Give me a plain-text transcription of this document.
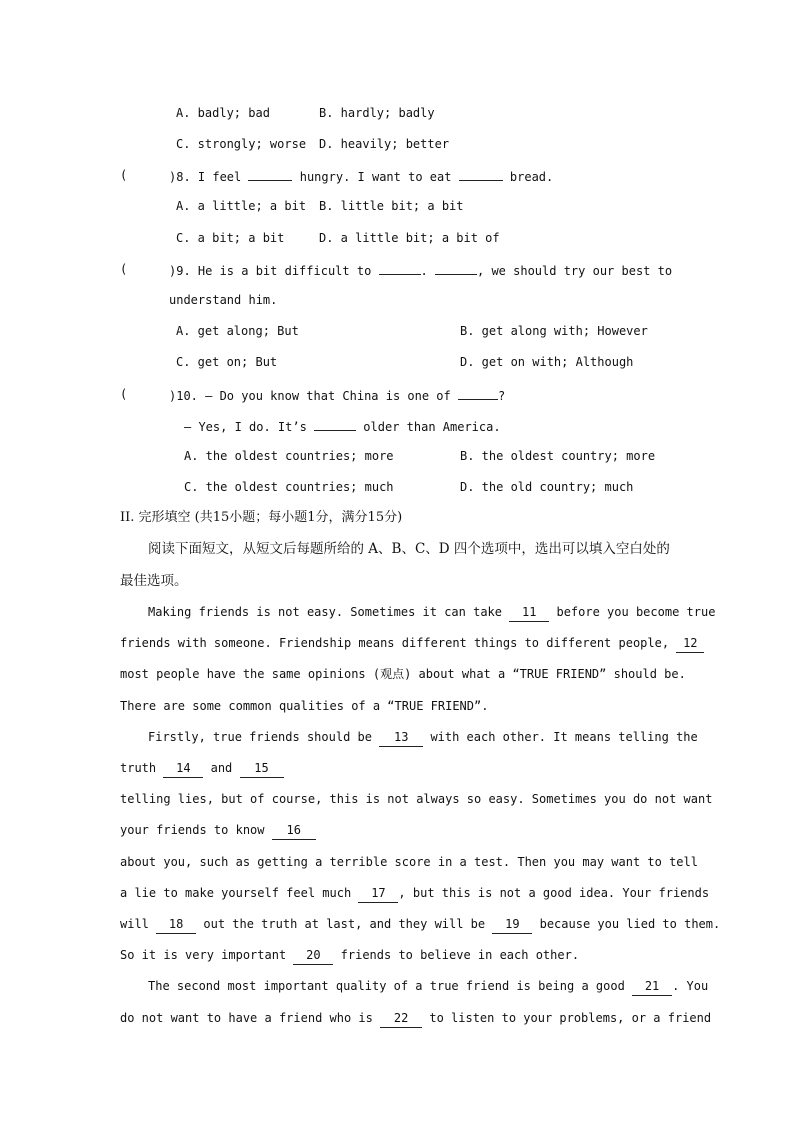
A. badly; bad	B. hardly; badly
C. strongly; worse D. heavily; better
(	)8. I feel	hungry. I want to eat	bread.
A. a little; a bit B. little bit; a bit
C. a bit; a bit	D. a little bit; a bit of
(	)9. He is a bit difficult to	.	, we should try our best to
understand him.
A. get along; But	B. get along with; However
C. get on; But	D. get on with; Although
(	)10. — Do you know that China is one of	?
— Yes, I do. It’s	older than America.
A. the oldest countries; more	B. the oldest country; more
C. the oldest countries; much	D. the old country; much
II. 完形填空 (共15小题；每小题1分，满分15分)
阅读下面短文，从短文后每题所给的 A、B、C、D 四个选项中，选出可以填入空白处的
最佳选项。
Making friends is not easy. Sometimes it can take 11 before you become true
friends with someone. Friendship means different things to different people, 12
most people have the same opinions (观点) about what a “TRUE FRIEND” should be.
There are some common qualities of a “TRUE FRIEND”.
Firstly, true friends should be 13 with each other. It means telling the
truth 14 and 15
telling lies, but of course, this is not always so easy. Sometimes you do not want
your friends to know 16
about you, such as getting a terrible score in a test. Then you may want to tell
a lie to make yourself feel much 17 , but this is not a good idea. Your friends
will 18 out the truth at last, and they will be 19 because you lied to them.
So it is very important 20 friends to believe in each other.
The second most important quality of a true friend is being a good 21 . You
do not want to have a friend who is 22 to listen to your problems, or a friend
